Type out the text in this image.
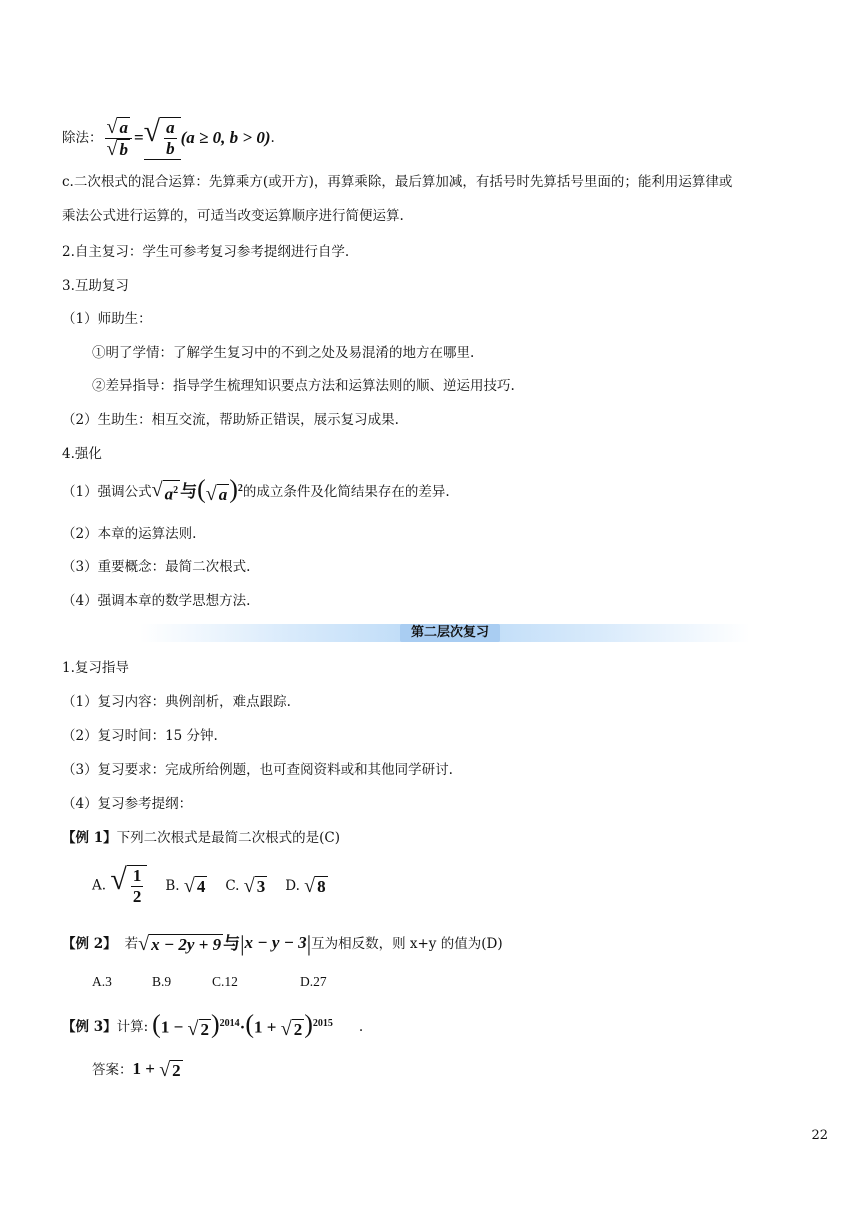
除法： $\frac{√ a}{√ b}$ = √ $\frac{a}{b} (a \ge 0$, b > 0) .
c.二次根式的混合运算：先算乘方(或开方)，再算乘除，最后算加减，有括号时先算括号里面的；能利用运算律或
乘法公式进行运算的，可适当改变运算顺序进行简便运算.
2.自主复习：学生可参考复习参考提纲进行自学.
3.互助复习
（1）师助生：
①明了学情：了解学生复习中的不到之处及易混淆的地方在哪里.
②差异指导：指导学生梳理知识要点方法和运算法则的顺、逆运用技巧.
（2）生助生：相互交流，帮助矫正错误，展示复习成果.
4.强化
（1）强调公式 √ $a^2$ 与 ( √ a )$^2$ 的成立条件及化简结果存在的差异.
（2）本章的运算法则.
（3）重要概念：最简二次根式.
（4）强调本章的数学思想方法.
第二层次复习
1.复习指导
（1）复习内容：典例剖析，难点跟踪.
（2）复习时间：15 分钟.
（3）复习要求：完成所给例题，也可查阅资料或和其他同学研讨.
（4）复习参考提纲：
【例 1】下列二次根式是最简二次根式的是(C)
A. √ $\frac{1}{2} B$. √ 4 C. √ 3 D. √ 8
【例 2】 若 √ x − 2y + 9 与 |x − y − 3| 互为相反数，则 x+y 的值为(D)
A.3	B.9	C.12	D.27
【例 3】 计算: (1 − √ 2 )$^{2014}$·(1 + √ 2 )$^{2015}$ .
答案： 1 + √ 2
22
